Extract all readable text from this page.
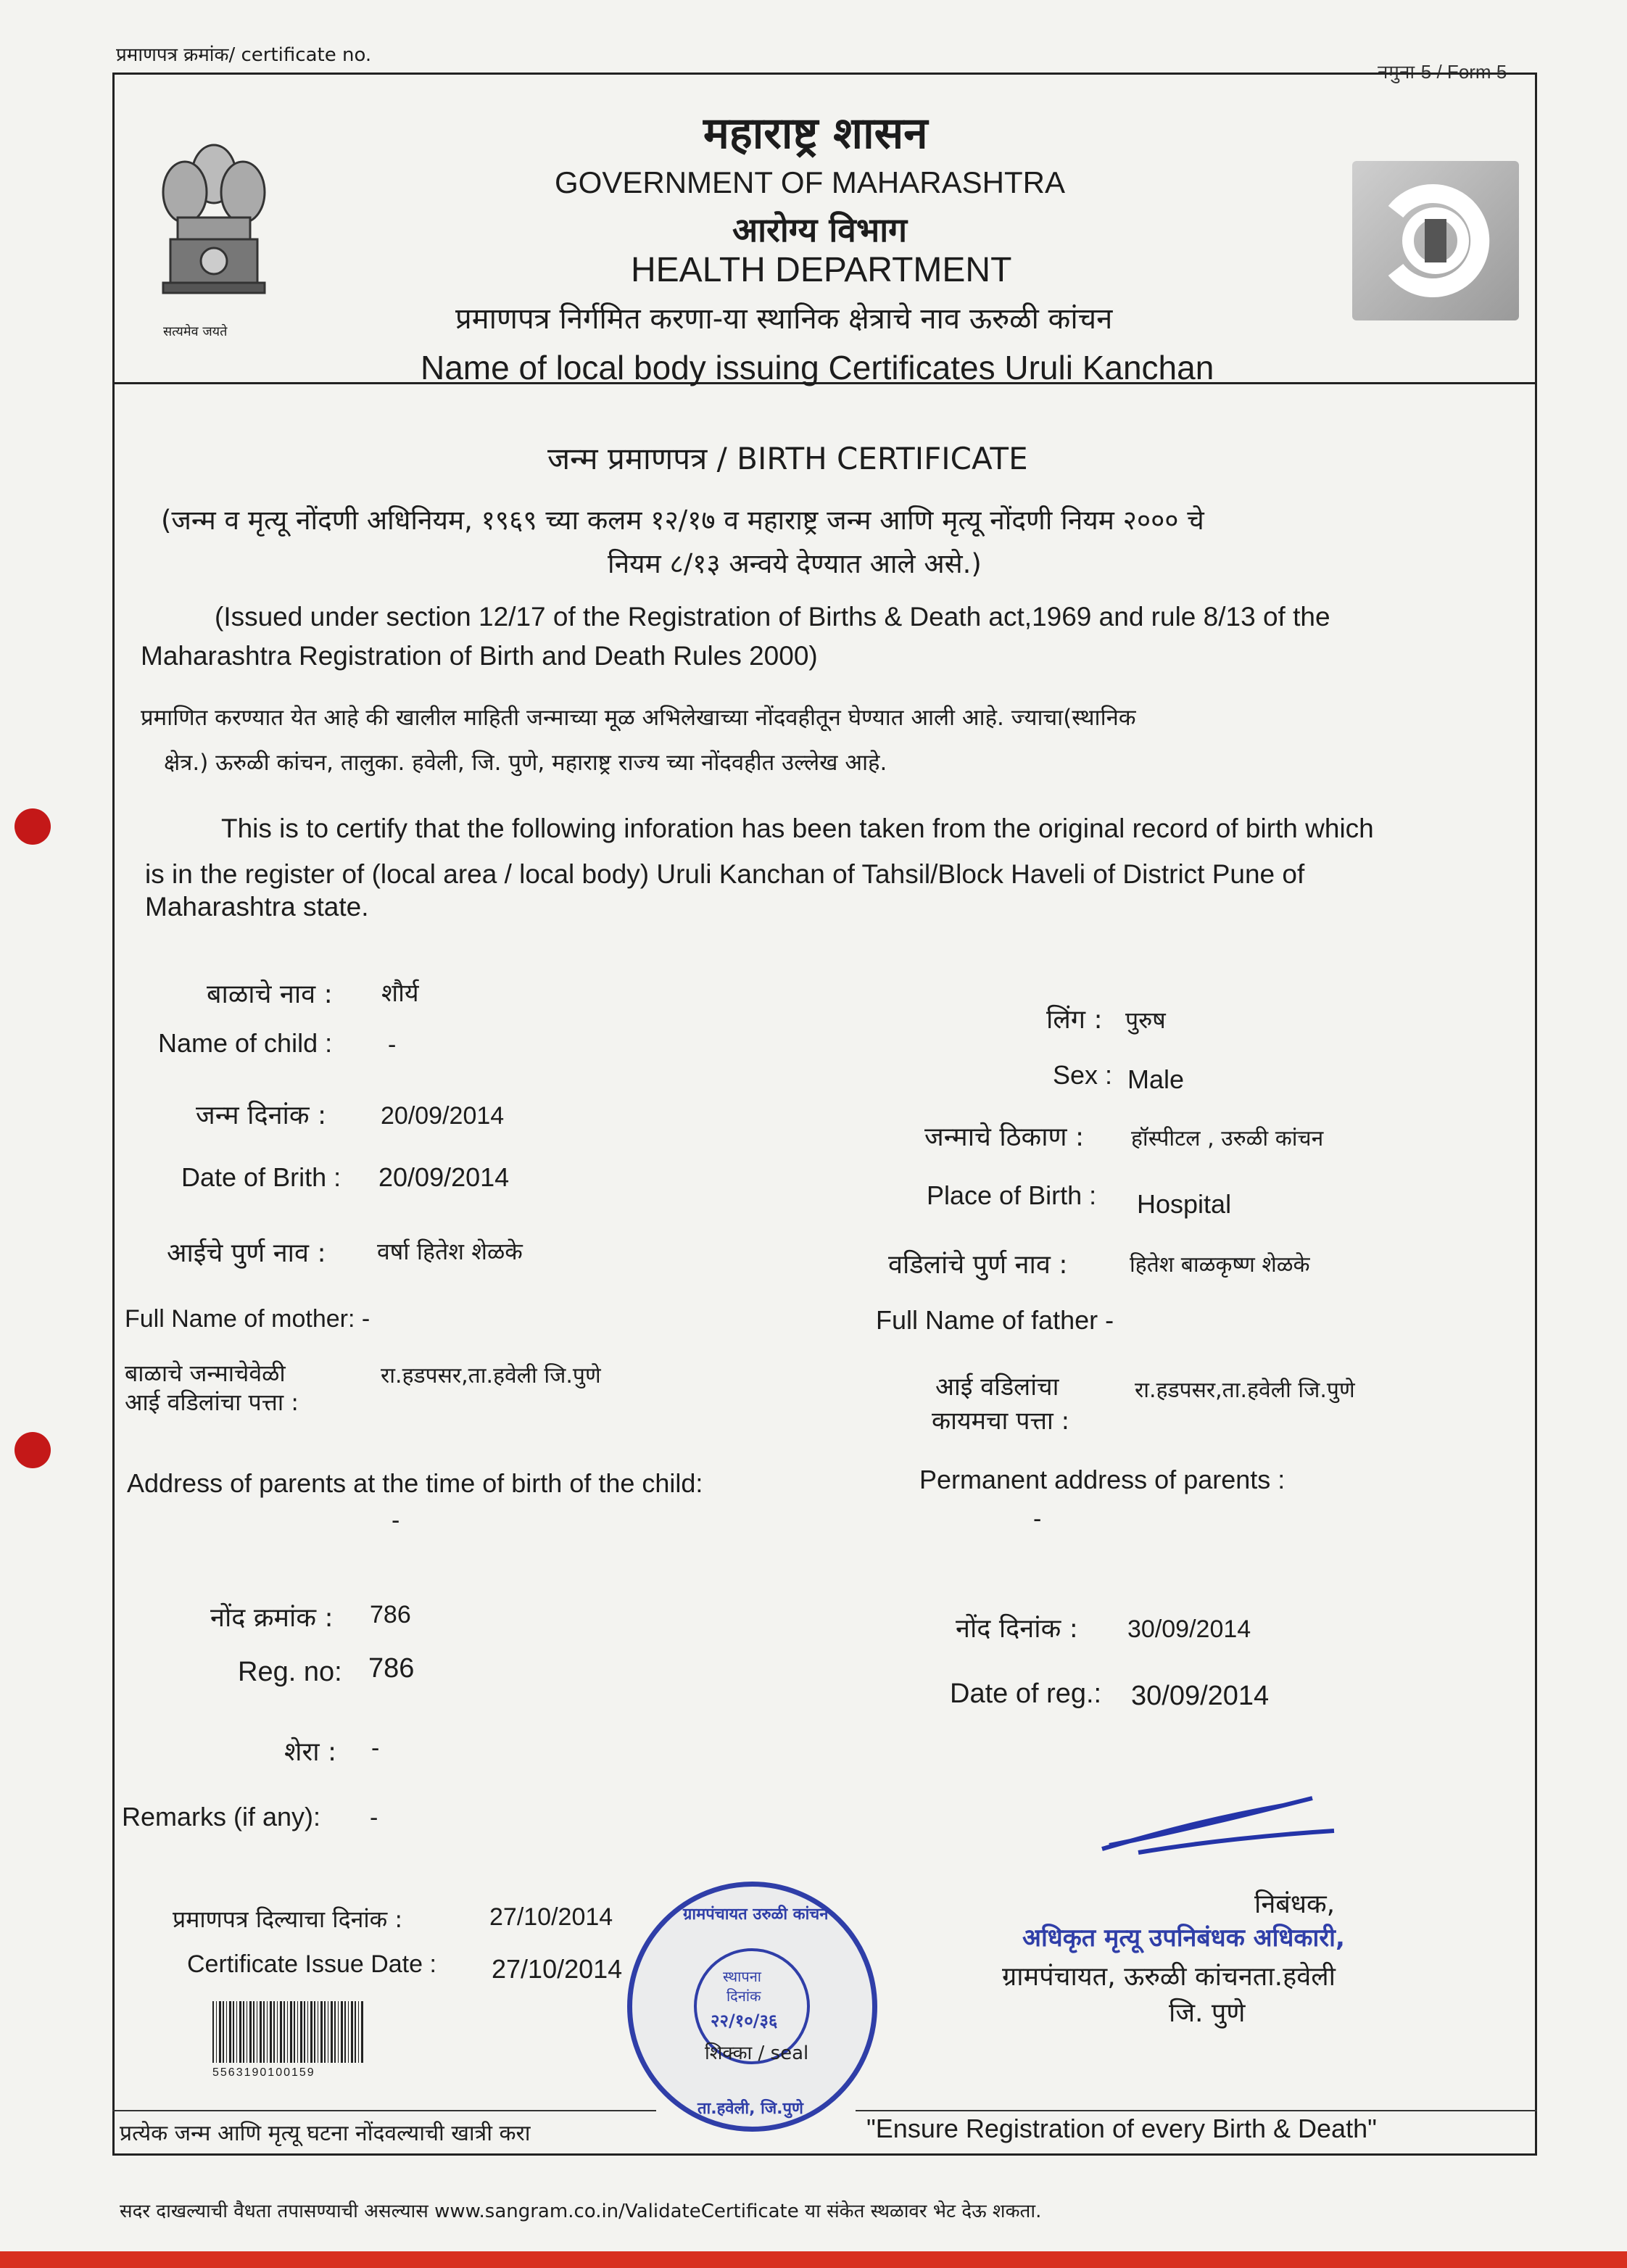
प्रमाणपत्र क्रमांक/ certificate no.
नमुना-5 / Form 5
सत्यमेव जयते
महाराष्ट्र शासन
GOVERNMENT OF MAHARASHTRA
आरोग्य विभाग
HEALTH DEPARTMENT
प्रमाणपत्र निर्गमित करणा-या स्थानिक क्षेत्राचे नाव ऊरुळी कांचन
Name of local body issuing Certificates Uruli Kanchan
जन्म प्रमाणपत्र / BIRTH CERTIFICATE
(जन्म व मृत्यू नोंदणी अधिनियम, १९६९ च्या कलम १२/१७ व महाराष्ट्र जन्म आणि मृत्यू नोंदणी नियम २००० चे
नियम ८/१३ अन्वये देण्यात आले असे.)
(Issued under section 12/17 of the Registration of Births & Death act,1969 and rule 8/13 of the
Maharashtra Registration of Birth and Death Rules 2000)
प्रमाणित करण्यात येत आहे की खालील माहिती जन्माच्या मूळ अभिलेखाच्या नोंदवहीतून घेण्यात आली आहे. ज्याचा(स्थानिक
क्षेत्र.) ऊरुळी कांचन, तालुका. हवेली, जि. पुणे, महाराष्ट्र राज्य च्या नोंदवहीत उल्लेख आहे.
This is to certify that the following inforation has been taken from the original record of birth which
is in the register of (local area / local body) Uruli Kanchan of Tahsil/Block Haveli of District Pune of
Maharashtra state.
बाळाचे नाव : शौर्य
Name of child : -
जन्म दिनांक : 20/09/2014
Date of Brith : 20/09/2014
आईचे पुर्ण नाव : वर्षा हितेश शेळके
Full Name of mother: -
बाळाचे जन्माचेवेळी
आई वडिलांचा पत्ता :
रा.हडपसर,ता.हवेली जि.पुणे
Address of parents at the time of birth of the child:
-
नोंद क्रमांक : 786
Reg. no: 786
शेरा : -
Remarks (if any): -
प्रमाणपत्र दिल्याचा दिनांक :	27/10/2014
Certificate Issue Date : 27/10/2014
5563190100159
लिंग : पुरुष
Sex : Male
जन्माचे ठिकाण : हॉस्पीटल , उरुळी कांचन
Place of Birth : Hospital
वडिलांचे पुर्ण नाव :	हितेश बाळकृष्ण शेळके
Full Name of father -
आई वडिलांचा
कायमचा पत्ता :
रा.हडपसर,ता.हवेली जि.पुणे
Permanent address of parents :
-
नोंद दिनांक : 30/09/2014
Date of reg.: 30/09/2014
निबंधक,
अधिकृत मृत्यू उपनिबंधक अधिकारी,
ग्रामपंचायत, ऊरुळी कांचनता.हवेली
जि. पुणे
ग्रामपंचायत उरुळी कांचन
स्थापना
दिनांक
२२/१०/३६
शिक्का / seal
ता.हवेली, जि.पुणे
प्रत्येक जन्म आणि मृत्यू घटना नोंदवल्याची खात्री करा	"Ensure Registration of every Birth & Death"
सदर दाखल्याची वैधता तपासण्याची असल्यास www.sangram.co.in/ValidateCertificate या संकेत स्थळावर भेट देऊ शकता.
